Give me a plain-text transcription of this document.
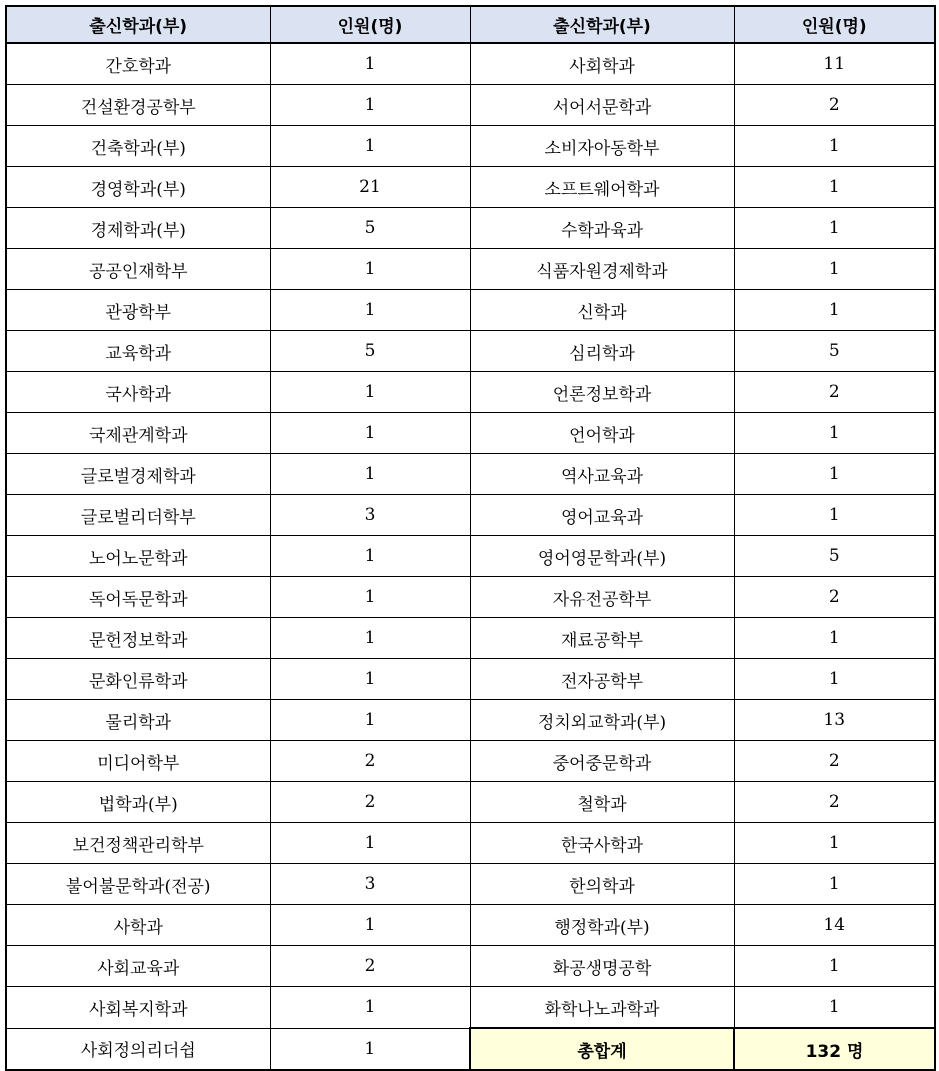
출신학과(부)	인원(명)	출신학과(부)	인원(명)
간호학과	1	사회학과	11
건설환경공학부	1	서어서문학과	2
건축학과(부)	1	소비자아동학부	1
경영학과(부)	21	소프트웨어학과	1
경제학과(부)	5	수학과육과	1
공공인재학부	1	식품자원경제학과	1
관광학부	1	신학과	1
교육학과	5	심리학과	5
국사학과	1	언론정보학과	2
국제관계학과	1	언어학과	1
글로벌경제학과	1	역사교육과	1
글로벌리더학부	3	영어교육과	1
노어노문학과	1	영어영문학과(부)	5
독어독문학과	1	자유전공학부	2
문헌정보학과	1	재료공학부	1
문화인류학과	1	전자공학부	1
물리학과	1	정치외교학과(부)	13
미디어학부	2	중어중문학과	2
법학과(부)	2	철학과	2
보건정책관리학부	1	한국사학과	1
불어불문학과(전공)	3	한의학과	1
사학과	1	행정학과(부)	14
사회교육과	2	화공생명공학	1
사회복지학과	1	화학나노과학과	1
사회정의리더쉽	1	총합계	132 명
